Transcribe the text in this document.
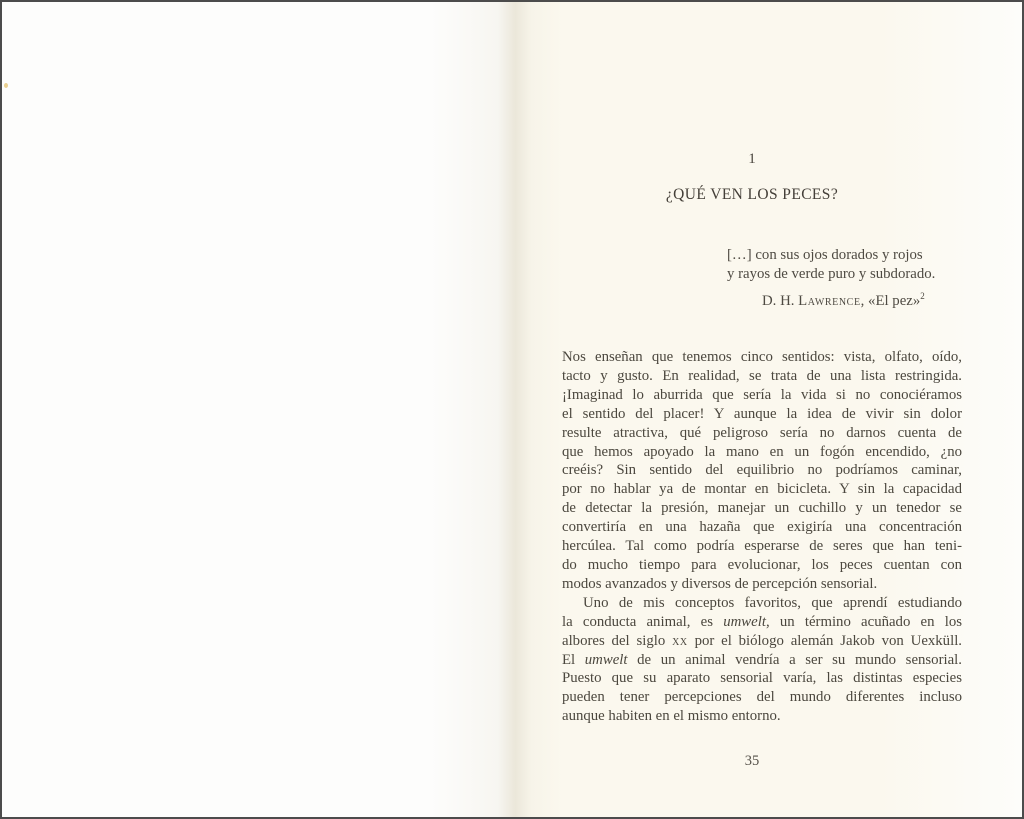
1
¿QUÉ VEN LOS PECES?
[…] con sus ojos dorados y rojos
y rayos de verde puro y subdorado.
D. H. Lawrence, «El pez»$^2$
Nos enseñan que tenemos cinco sentidos: vista, olfato, oído,
tacto y gusto. En realidad, se trata de una lista restringida.
¡Imaginad lo aburrida que sería la vida si no conociéramos
el sentido del placer! Y aunque la idea de vivir sin dolor
resulte atractiva, qué peligroso sería no darnos cuenta de
que hemos apoyado la mano en un fogón encendido, ¿no
creéis? Sin sentido del equilibrio no podríamos caminar,
por no hablar ya de montar en bicicleta. Y sin la capacidad
de detectar la presión, manejar un cuchillo y un tenedor se
convertiría en una hazaña que exigiría una concentración
hercúlea. Tal como podría esperarse de seres que han teni-
do mucho tiempo para evolucionar, los peces cuentan con
modos avanzados y diversos de percepción sensorial.
Uno de mis conceptos favoritos, que aprendí estudiando
la conducta animal, es umwelt, un término acuñado en los
albores del siglo xx por el biólogo alemán Jakob von Uexküll.
El umwelt de un animal vendría a ser su mundo sensorial.
Puesto que su aparato sensorial varía, las distintas especies
pueden tener percepciones del mundo diferentes incluso
aunque habiten en el mismo entorno.
35
